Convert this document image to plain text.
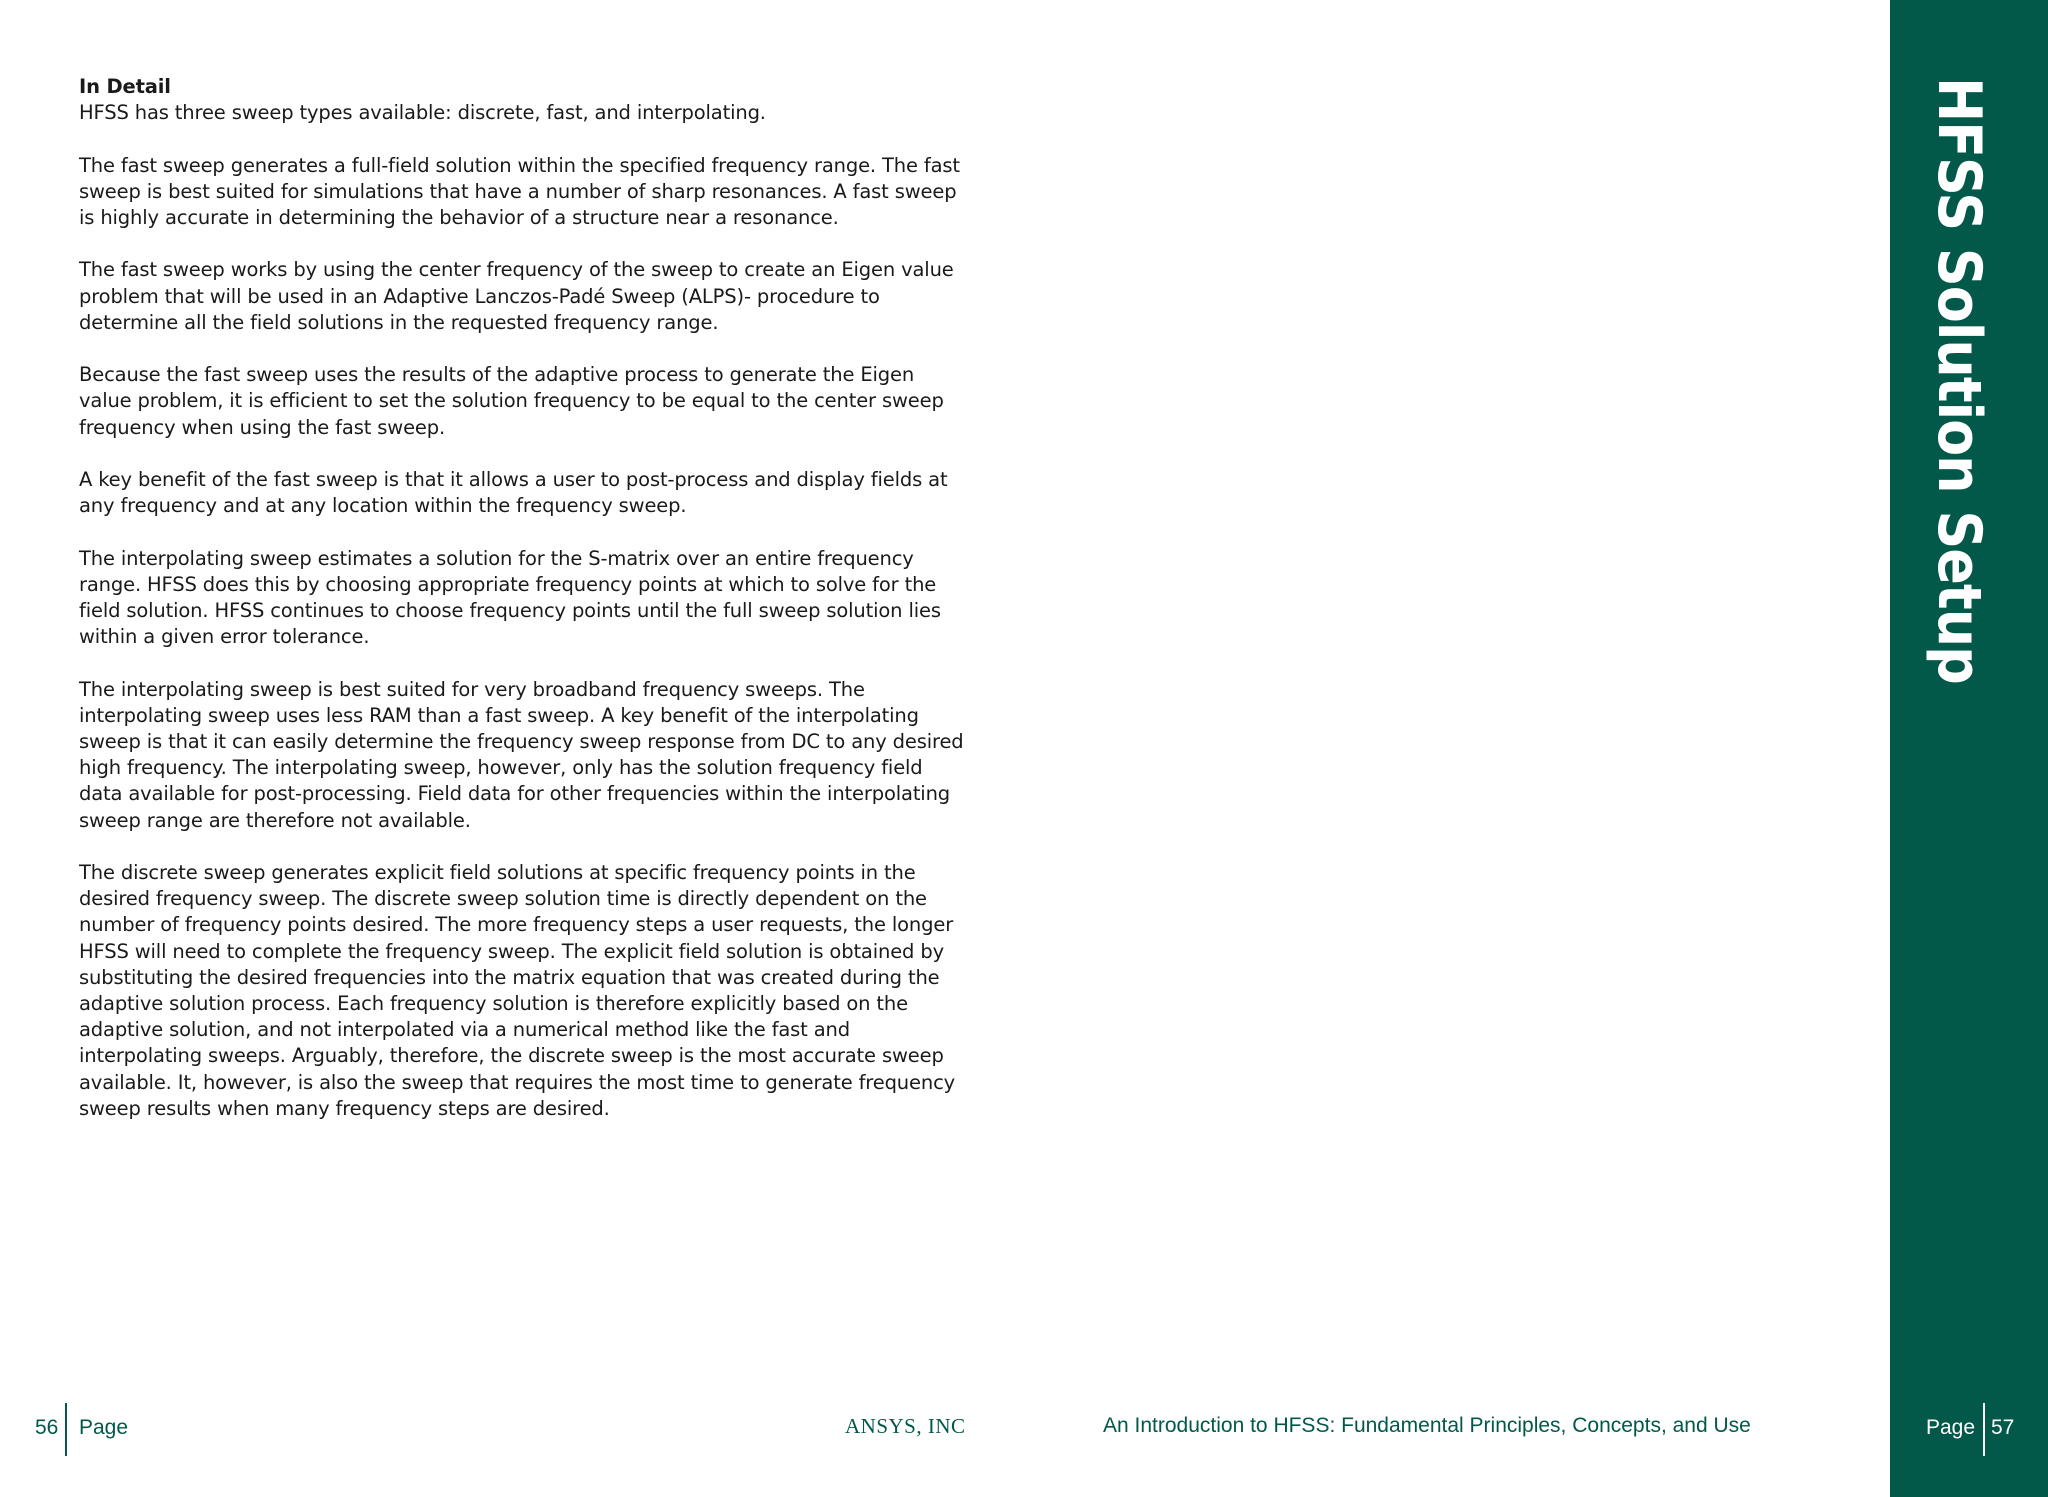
In Detail

HFSS has three sweep types available: discrete, fast, and interpolating.

The fast sweep generates a full-field solution within the specified frequency range. The fast sweep is best suited for simulations that have a number of sharp resonances. A fast sweep is highly accurate in determining the behavior of a structure near a resonance.

The fast sweep works by using the center frequency of the sweep to create an Eigen value problem that will be used in an Adaptive Lanczos-Padé Sweep (ALPS)- procedure to determine all the field solutions in the requested frequency range.

Because the fast sweep uses the results of the adaptive process to generate the Eigen value problem, it is efficient to set the solution frequency to be equal to the center sweep frequency when using the fast sweep.

A key benefit of the fast sweep is that it allows a user to post-process and display fields at any frequency and at any location within the frequency sweep.

The interpolating sweep estimates a solution for the S-matrix over an entire frequency range. HFSS does this by choosing appropriate frequency points at which to solve for the field solution. HFSS continues to choose frequency points until the full sweep solution lies within a given error tolerance.

The interpolating sweep is best suited for very broadband frequency sweeps. The interpolating sweep uses less RAM than a fast sweep. A key benefit of the interpolating sweep is that it can easily determine the frequency sweep response from DC to any desired high frequency. The interpolating sweep, however, only has the solution frequency field data available for post-processing. Field data for other frequencies within the interpolating sweep range are therefore not available.

The discrete sweep generates explicit field solutions at specific frequency points in the desired frequency sweep. The discrete sweep solution time is directly dependent on the number of frequency points desired. The more frequency steps a user requests, the longer HFSS will need to complete the frequency sweep. The explicit field solution is obtained by substituting the desired frequencies into the matrix equation that was created during the adaptive solution process. Each frequency solution is therefore explicitly based on the adaptive solution, and not interpolated via a numerical method like the fast and interpolating sweeps. Arguably, therefore, the discrete sweep is the most accurate sweep available. It, however, is also the sweep that requires the most time to generate frequency sweep results when many frequency steps are desired.

HFSS Solution Setup
56 Page	ANSYS, INC	An Introduction to HFSS: Fundamental Principles, Concepts, and Use	Page 57
